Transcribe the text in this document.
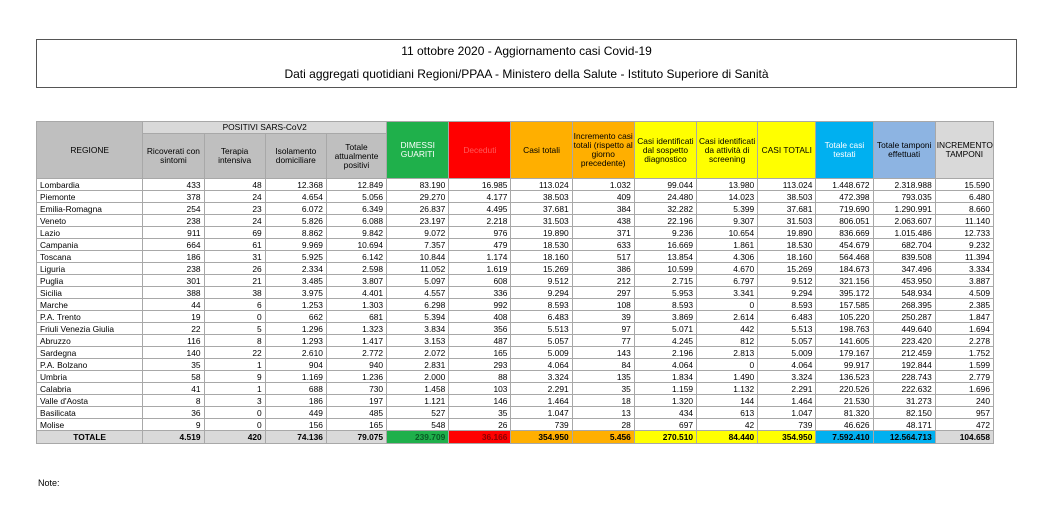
11 ottobre 2020 - Aggiornamento casi Covid-19
Dati aggregati quotidiani Regioni/PPAA - Ministero della Salute - Istituto Superiore di Sanità
REGIONE	POSITIVI SARS-CoV2				DIMESSI GUARITI	Deceduti	Casi totali	Incremento casi totali (rispetto al giorno precedente)	Casi identificati dal sospetto diagnostico	Casi identificati da attività di screening	CASI TOTALI	Totale casi testati	Totale tamponi effettuati	INCREMENTO TAMPONI
	Ricoverati con sintomi	Terapia intensiva	Isolamento domiciliare	Totale attualmente positivi										
Lombardia	433	48	12.368	12.849	83.190	16.985	113.024	1.032	99.044	13.980	113.024	1.448.672	2.318.988	15.590
Piemonte	378	24	4.654	5.056	29.270	4.177	38.503	409	24.480	14.023	38.503	472.398	793.035	6.480
Emilia-Romagna	254	23	6.072	6.349	26.837	4.495	37.681	384	32.282	5.399	37.681	719.690	1.290.991	8.660
Veneto	238	24	5.826	6.088	23.197	2.218	31.503	438	22.196	9.307	31.503	806.051	2.063.607	11.140
Lazio	911	69	8.862	9.842	9.072	976	19.890	371	9.236	10.654	19.890	836.669	1.015.486	12.733
Campania	664	61	9.969	10.694	7.357	479	18.530	633	16.669	1.861	18.530	454.679	682.704	9.232
Toscana	186	31	5.925	6.142	10.844	1.174	18.160	517	13.854	4.306	18.160	564.468	839.508	11.394
Liguria	238	26	2.334	2.598	11.052	1.619	15.269	386	10.599	4.670	15.269	184.673	347.496	3.334
Puglia	301	21	3.485	3.807	5.097	608	9.512	212	2.715	6.797	9.512	321.156	453.950	3.887
Sicilia	388	38	3.975	4.401	4.557	336	9.294	297	5.953	3.341	9.294	395.172	548.934	4.509
Marche	44	6	1.253	1.303	6.298	992	8.593	108	8.593	0	8.593	157.585	268.395	2.385
P.A. Trento	19	0	662	681	5.394	408	6.483	39	3.869	2.614	6.483	105.220	250.287	1.847
Friuli Venezia Giulia	22	5	1.296	1.323	3.834	356	5.513	97	5.071	442	5.513	198.763	449.640	1.694
Abruzzo	116	8	1.293	1.417	3.153	487	5.057	77	4.245	812	5.057	141.605	223.420	2.278
Sardegna	140	22	2.610	2.772	2.072	165	5.009	143	2.196	2.813	5.009	179.167	212.459	1.752
P.A. Bolzano	35	1	904	940	2.831	293	4.064	84	4.064	0	4.064	99.917	192.844	1.599
Umbria	58	9	1.169	1.236	2.000	88	3.324	135	1.834	1.490	3.324	136.523	228.743	2.779
Calabria	41	1	688	730	1.458	103	2.291	35	1.159	1.132	2.291	220.526	222.632	1.696
Valle d'Aosta	8	3	186	197	1.121	146	1.464	18	1.320	144	1.464	21.530	31.273	240
Basilicata	36	0	449	485	527	35	1.047	13	434	613	1.047	81.320	82.150	957
Molise	9	0	156	165	548	26	739	28	697	42	739	46.626	48.171	472
TOTALE	4.519	420	74.136	79.075	239.709	36.166	354.950	5.456	270.510	84.440	354.950	7.592.410	12.564.713	104.658
Note:
